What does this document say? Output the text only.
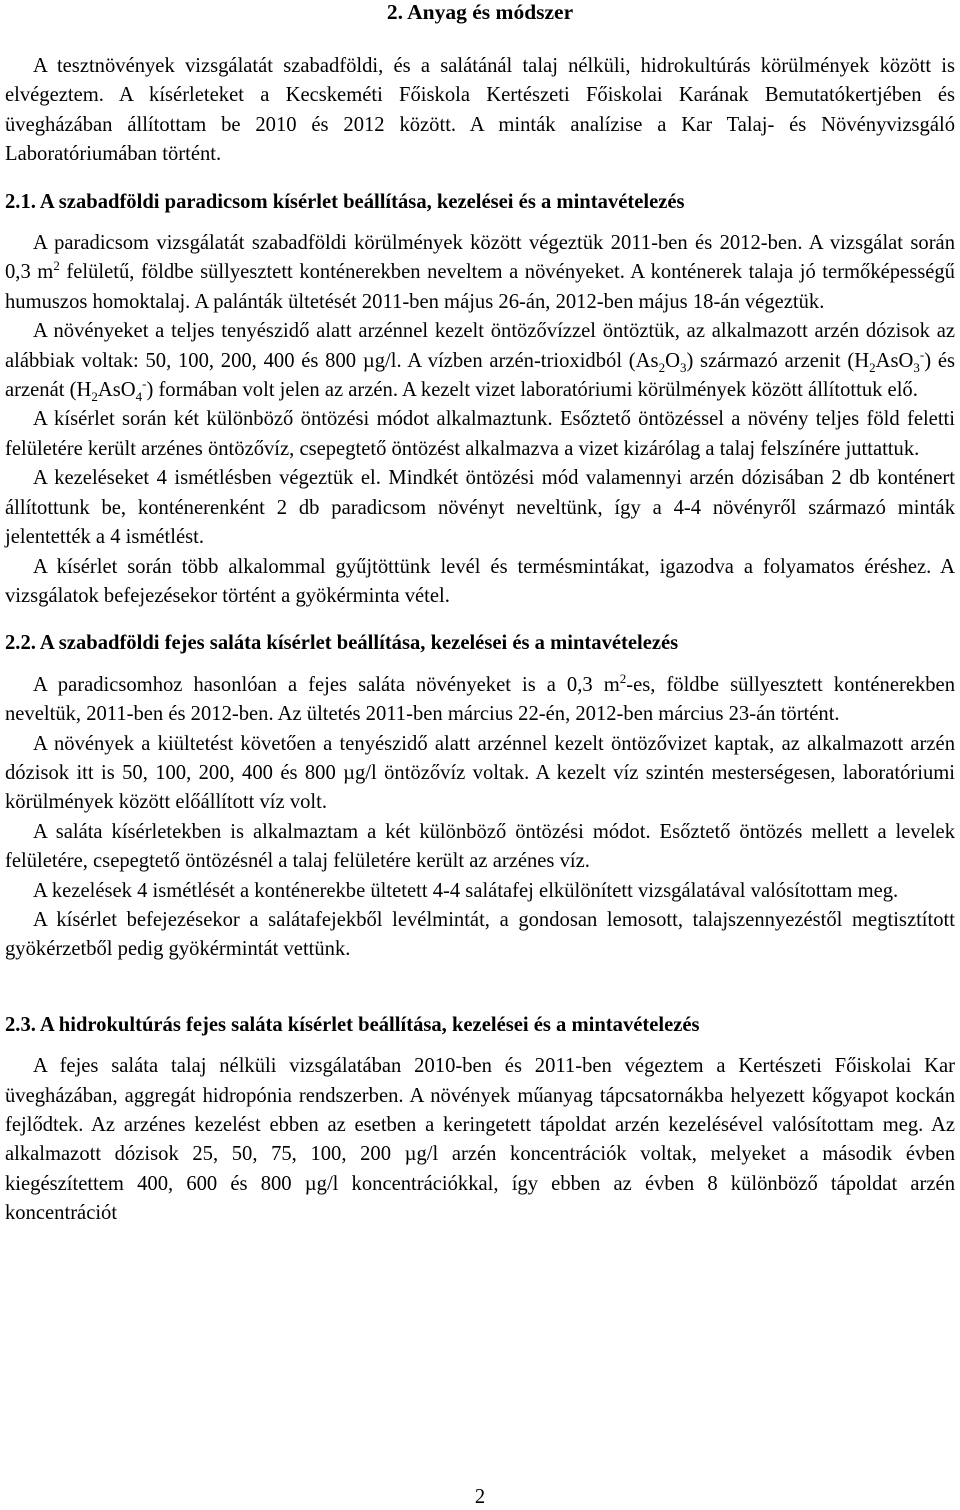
2. Anyag és módszer

A tesztnövények vizsgálatát szabadföldi, és a salátánál talaj nélküli, hidrokultúrás körülmények között is elvégeztem. A kísérleteket a Kecskeméti Főiskola Kertészeti Főiskolai Karának Bemutatókertjében és üvegházában állítottam be 2010 és 2012 között. A minták analízise a Kar Talaj- és Növényvizsgáló Laboratóriumában történt.

2.1. A szabadföldi paradicsom kísérlet beállítása, kezelései és a mintavételezés

A paradicsom vizsgálatát szabadföldi körülmények között végeztük 2011-ben és 2012-ben. A vizsgálat során 0,3 $m^2$ felületű, földbe süllyesztett konténerekben neveltem a növényeket. A konténerek talaja jó termőképességű humuszos homoktalaj. A palánták ültetését 2011-ben május 26-án, 2012-ben május 18-án végeztük.

A növényeket a teljes tenyészidő alatt arzénnel kezelt öntözővízzel öntöztük, az alkalmazott arzén dózisok az alábbiak voltak: 50, 100, 200, 400 és 800 µg/l. A vízben arzén-trioxidból $(As_2O_3)$ származó arzenit $(H_2AsO_3^-)$ és arzenát $(H_2AsO_4^-)$ formában volt jelen az arzén. A kezelt vizet laboratóriumi körülmények között állítottuk elő.

A kísérlet során két különböző öntözési módot alkalmaztunk. Esőztető öntözéssel a növény teljes föld feletti felületére került arzénes öntözővíz, csepegtető öntözést alkalmazva a vizet kizárólag a talaj felszínére juttattuk.

A kezeléseket 4 ismétlésben végeztük el. Mindkét öntözési mód valamennyi arzén dózisában 2 db konténert állítottunk be, konténerenként 2 db paradicsom növényt neveltünk, így a 4-4 növényről származó minták jelentették a 4 ismétlést.

A kísérlet során több alkalommal gyűjtöttünk levél és termésmintákat, igazodva a folyamatos éréshez. A vizsgálatok befejezésekor történt a gyökérminta vétel.

2.2. A szabadföldi fejes saláta kísérlet beállítása, kezelései és a mintavételezés

A paradicsomhoz hasonlóan a fejes saláta növényeket is a 0,3 $m^2-es$, földbe süllyesztett konténerekben neveltük, 2011-ben és 2012-ben. Az ültetés 2011-ben március 22-én, 2012-ben március 23-án történt.

A növények a kiültetést követően a tenyészidő alatt arzénnel kezelt öntözővizet kaptak, az alkalmazott arzén dózisok itt is 50, 100, 200, 400 és 800 µg/l öntözővíz voltak. A kezelt víz szintén mesterségesen, laboratóriumi körülmények között előállított víz volt.

A saláta kísérletekben is alkalmaztam a két különböző öntözési módot. Esőztető öntözés mellett a levelek felületére, csepegtető öntözésnél a talaj felületére került az arzénes víz.

A kezelések 4 ismétlését a konténerekbe ültetett 4-4 salátafej elkülönített vizsgálatával valósítottam meg.

A kísérlet befejezésekor a salátafejekből levélmintát, a gondosan lemosott, talajszennyezéstől megtisztított gyökérzetből pedig gyökérmintát vettünk.

2.3. A hidrokultúrás fejes saláta kísérlet beállítása, kezelései és a mintavételezés

A fejes saláta talaj nélküli vizsgálatában 2010-ben és 2011-ben végeztem a Kertészeti Főiskolai Kar üvegházában, aggregát hidropónia rendszerben. A növények műanyag tápcsatornákba helyezett kőgyapot kockán fejlődtek. Az arzénes kezelést ebben az esetben a keringetett tápoldat arzén kezelésével valósítottam meg. Az alkalmazott dózisok 25, 50, 75, 100, 200 µg/l arzén koncentrációk voltak, melyeket a második évben kiegészítettem 400, 600 és 800 µg/l koncentrációkkal, így ebben az évben 8 különböző tápoldat arzén koncentrációt

2
